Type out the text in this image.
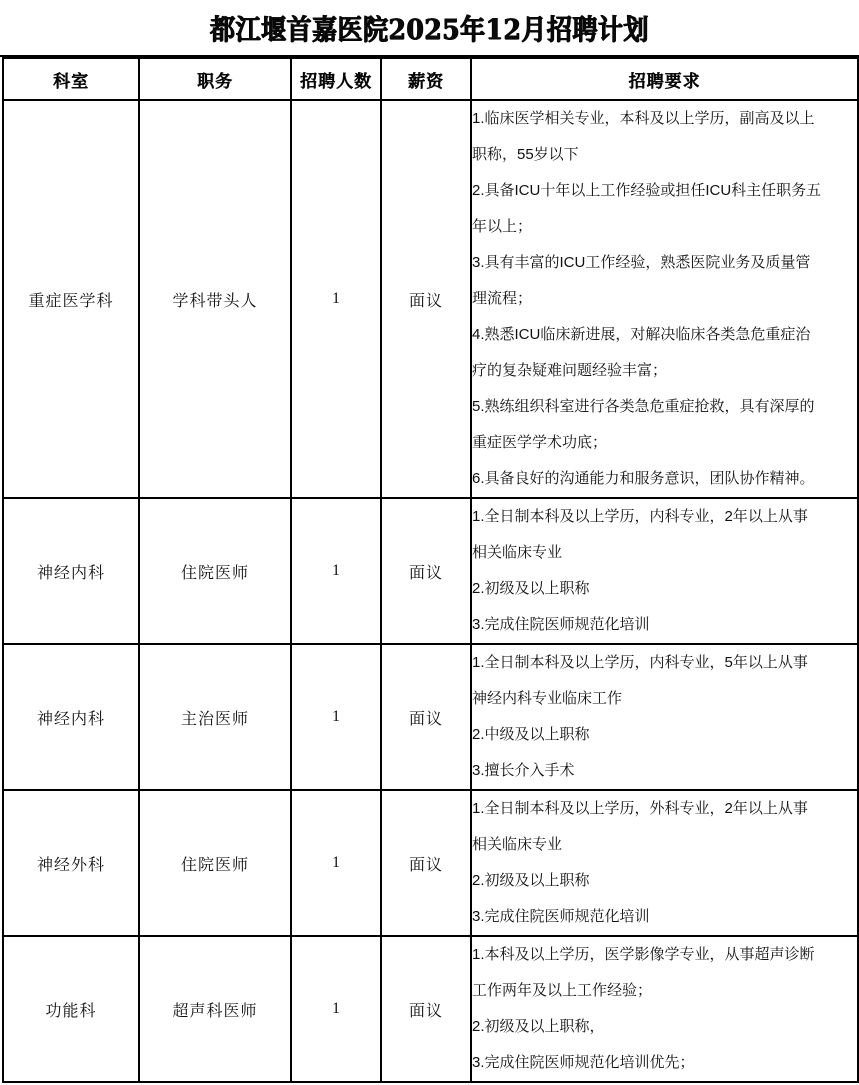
都江堰首嘉医院2025年12月招聘计划
科室	职务	招聘人数	薪资	招聘要求
重症医学科	学科带头人	1	面议	
1.临床医学相关专业，本科及以上学历，副高及以上
职称，55岁以下
2.具备ICU十年以上工作经验或担任ICU科主任职务五
年以上；
3.具有丰富的ICU工作经验，熟悉医院业务及质量管
理流程；
4.熟悉ICU临床新进展，对解决临床各类急危重症治
疗的复杂疑难问题经验丰富；
5.熟练组织科室进行各类急危重症抢救，具有深厚的
重症医学学术功底；
6.具备良好的沟通能力和服务意识，团队协作精神。

神经内科	住院医师	1	面议	1.全日制本科及以上学历，内科专业，2年以上从事
相关临床专业
2.初级及以上职称
3.完成住院医师规范化培训

神经内科	主治医师	1	面议	1.全日制本科及以上学历，内科专业，5年以上从事
神经内科专业临床工作
2.中级及以上职称
3.擅长介入手术

神经外科	住院医师	1	面议	1.全日制本科及以上学历，外科专业，2年以上从事
相关临床专业
2.初级及以上职称
3.完成住院医师规范化培训

功能科	超声科医师	1	面议	1.本科及以上学历，医学影像学专业，从事超声诊断
工作两年及以上工作经验；
2.初级及以上职称，
3.完成住院医师规范化培训优先；
